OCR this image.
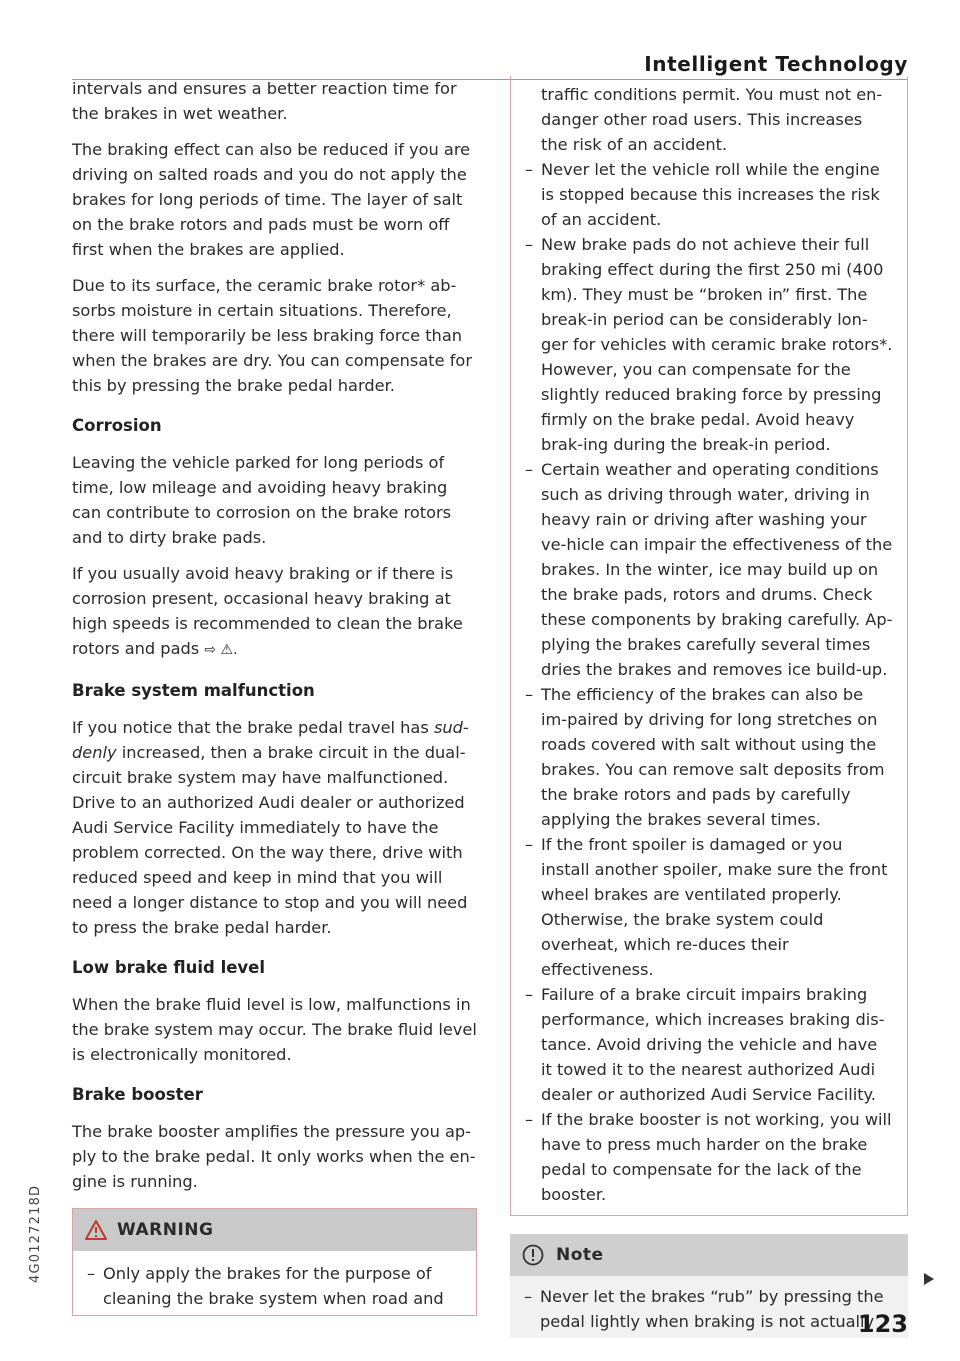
Intelligent Technology

intervals and ensures a better reaction time for the brakes in wet weather.

The braking effect can also be reduced if you are driving on salted roads and you do not apply the brakes for long periods of time. The layer of salt on the brake rotors and pads must be worn off first when the brakes are applied.

Due to its surface, the ceramic brake rotor* ab-sorbs moisture in certain situations. Therefore, there will temporarily be less braking force than when the brakes are dry. You can compensate for this by pressing the brake pedal harder.

Corrosion

Leaving the vehicle parked for long periods of time, low mileage and avoiding heavy braking can contribute to corrosion on the brake rotors and to dirty brake pads.

If you usually avoid heavy braking or if there is corrosion present, occasional heavy braking at high speeds is recommended to clean the brake rotors and pads ⇨ ⚠.

Brake system malfunction

If you notice that the brake pedal travel has sud-denly increased, then a brake circuit in the dual-circuit brake system may have malfunctioned. Drive to an authorized Audi dealer or authorized Audi Service Facility immediately to have the problem corrected. On the way there, drive with reduced speed and keep in mind that you will need a longer distance to stop and you will need to press the brake pedal harder.

Low brake fluid level

When the brake fluid level is low, malfunctions in the brake system may occur. The brake fluid level is electronically monitored.

Brake booster

The brake booster amplifies the pressure you ap-ply to the brake pedal. It only works when the en-gine is running.

WARNING
– Only apply the brakes for the purpose of cleaning the brake system when road and
traffic conditions permit. You must not en-danger other road users. This increases the risk of an accident.
– Never let the vehicle roll while the engine is stopped because this increases the risk of an accident.
– New brake pads do not achieve their full braking effect during the first 250 mi (400 km). They must be “broken in” first. The break-in period can be considerably lon-ger for vehicles with ceramic brake rotors*. However, you can compensate for the slightly reduced braking force by pressing firmly on the brake pedal. Avoid heavy brak-ing during the break-in period.
– Certain weather and operating conditions such as driving through water, driving in heavy rain or driving after washing your ve-hicle can impair the effectiveness of the brakes. In the winter, ice may build up on the brake pads, rotors and drums. Check these components by braking carefully. Ap-plying the brakes carefully several times dries the brakes and removes ice build-up.
– The efficiency of the brakes can also be im-paired by driving for long stretches on roads covered with salt without using the brakes. You can remove salt deposits from the brake rotors and pads by carefully applying the brakes several times.
– If the front spoiler is damaged or you install another spoiler, make sure the front wheel brakes are ventilated properly. Otherwise, the brake system could overheat, which re-duces their effectiveness.
– Failure of a brake circuit impairs braking performance, which increases braking dis-tance. Avoid driving the vehicle and have it towed it to the nearest authorized Audi dealer or authorized Audi Service Facility.
– If the brake booster is not working, you will have to press much harder on the brake pedal to compensate for the lack of the booster.
Note
– Never let the brakes “rub” by pressing the pedal lightly when braking is not actually
123
4G0127218D
